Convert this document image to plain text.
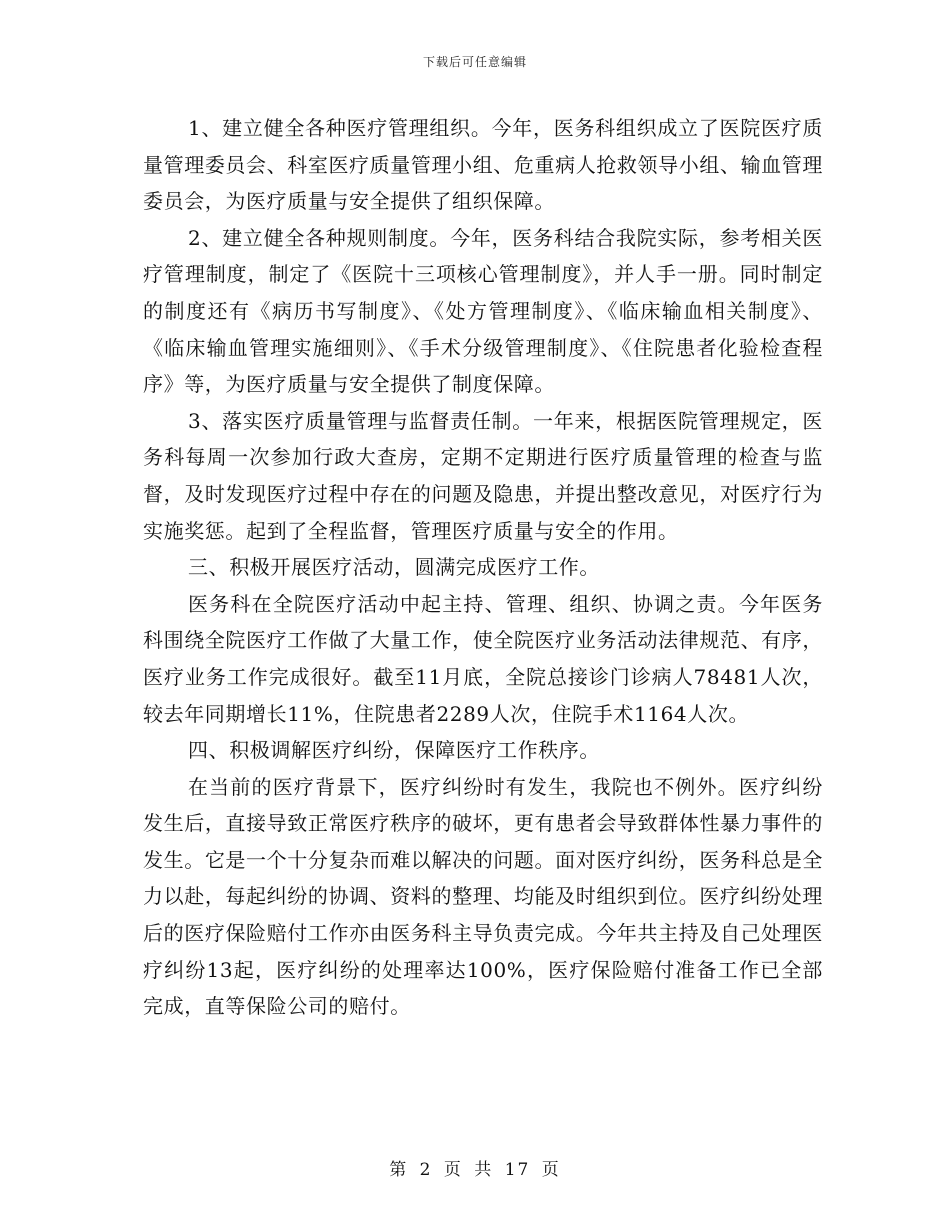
下载后可任意编辑

1、建立健全各种医疗管理组织。今年，医务科组织成立了医院医疗质量管理委员会、科室医疗质量管理小组、危重病人抢救领导小组、输血管理委员会，为医疗质量与安全提供了组织保障。

2、建立健全各种规则制度。今年，医务科结合我院实际，参考相关医疗管理制度，制定了《医院十三项核心管理制度》，并人手一册。同时制定的制度还有《病历书写制度》、《处方管理制度》、《临床输血相关制度》、《临床输血管理实施细则》、《手术分级管理制度》、《住院患者化验检查程序》等，为医疗质量与安全提供了制度保障。

3、落实医疗质量管理与监督责任制。一年来，根据医院管理规定，医务科每周一次参加行政大查房，定期不定期进行医疗质量管理的检查与监督，及时发现医疗过程中存在的问题及隐患，并提出整改意见，对医疗行为实施奖惩。起到了全程监督，管理医疗质量与安全的作用。

三、积极开展医疗活动，圆满完成医疗工作。

医务科在全院医疗活动中起主持、管理、组织、协调之责。今年医务科围绕全院医疗工作做了大量工作，使全院医疗业务活动法律规范、有序，医疗业务工作完成很好。截至11月底，全院总接诊门诊病人78481人次，较去年同期增长11%，住院患者2289人次，住院手术1164人次。

四、积极调解医疗纠纷，保障医疗工作秩序。

在当前的医疗背景下，医疗纠纷时有发生，我院也不例外。医疗纠纷发生后，直接导致正常医疗秩序的破坏，更有患者会导致群体性暴力事件的发生。它是一个十分复杂而难以解决的问题。面对医疗纠纷，医务科总是全力以赴，每起纠纷的协调、资料的整理、均能及时组织到位。医疗纠纷处理后的医疗保险赔付工作亦由医务科主导负责完成。今年共主持及自己处理医疗纠纷13起，医疗纠纷的处理率达100%，医疗保险赔付准备工作已全部完成，直等保险公司的赔付。

第 2 页 共 17 页
